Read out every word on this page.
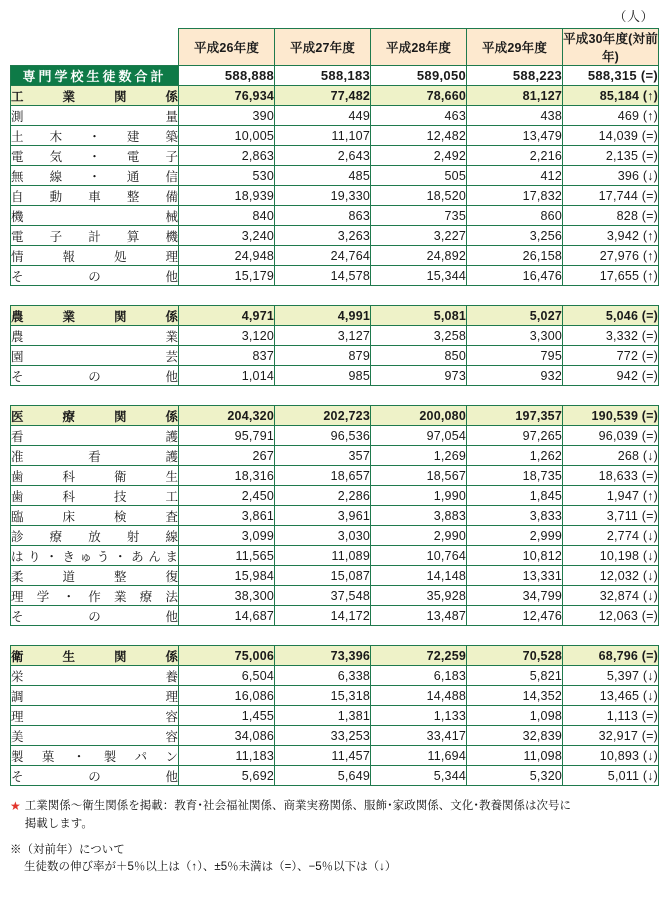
（人）
	平成26年度	平成27年度	平成28年度	平成29年度	平成30年度(対前年)
専門学校生徒数合計	588,888	588,183	589,050	588,223	588,315 (=)

工 業 関 係	76,934	77,482	78,660	81,127	85,184 (↑)

測　　　　　量	390	449	463	438	469 (↑)

土 木 ・ 建 築	10,005	11,107	12,482	13,479	14,039 (=)

電 気 ・ 電 子	2,863	2,643	2,492	2,216	2,135 (=)

無 線 ・ 通 信	530	485	505	412	396 (↓)

自 動 車 整 備	18,939	19,330	18,520	17,832	17,744 (=)

機　　　　　械	840	863	735	860	828 (=)

電 子 計 算 機	3,240	3,263	3,227	3,256	3,942 (↑)

情 報 処 理	24,948	24,764	24,892	26,158	27,976 (↑)

そ　 の 　他	15,179	14,578	15,344	16,476	17,655 (↑)

農 業 関 係	4,971	4,991	5,081	5,027	5,046 (=)

農　　　　　業	3,120	3,127	3,258	3,300	3,332 (=)

園　　　　　芸	837	879	850	795	772 (=)

そ　 の 　他	1,014	985	973	932	942 (=)

医 療 関 係	204,320	202,723	200,080	197,357	190,539 (=)

看　　　　　護	95,791	96,536	97,054	97,265	96,039 (=)

准　 看 　護	267	357	1,269	1,262	268 (↓)

歯 科 衛 生	18,316	18,657	18,567	18,735	18,633 (=)

歯 科 技 工	2,450	2,286	1,990	1,845	1,947 (↑)

臨 床 検 査	3,861	3,961	3,883	3,833	3,711 (=)

診 療 放 射 線	3,099	3,030	2,990	2,999	2,774 (↓)

はり・きゅう・あんま	11,565	11,089	10,764	10,812	10,198 (↓)

柔 道 整 復	15,984	15,087	14,148	13,331	12,032 (↓)

理 学 ・ 作 業 療 法	38,300	37,548	35,928	34,799	32,874 (↓)

そ　 の 　他	14,687	14,172	13,487	12,476	12,063 (=)

衛 生 関 係	75,006	73,396	72,259	70,528	68,796 (=)

栄　　　　　養	6,504	6,338	6,183	5,821	5,397 (↓)

調　　　　　理	16,086	15,318	14,488	14,352	13,465 (↓)

理　　　　　容	1,455	1,381	1,133	1,098	1,113 (=)

美　　　　　容	34,086	33,253	33,417	32,839	32,917 (=)

製 菓 ・ 製 パ ン	11,183	11,457	11,694	11,098	10,893 (↓)

そ　 の 　他	5,692	5,649	5,344	5,320	5,011 (↓)
★ 工業関係～衛生関係を掲載：教育･社会福祉関係、商業実務関係、服飾･家政関係、文化･教養関係は次号に
掲載します。
※（対前年）について
生徒数の伸び率が＋5％以上は（↑）、±5％未満は（=）、−5％以下は（↓）
